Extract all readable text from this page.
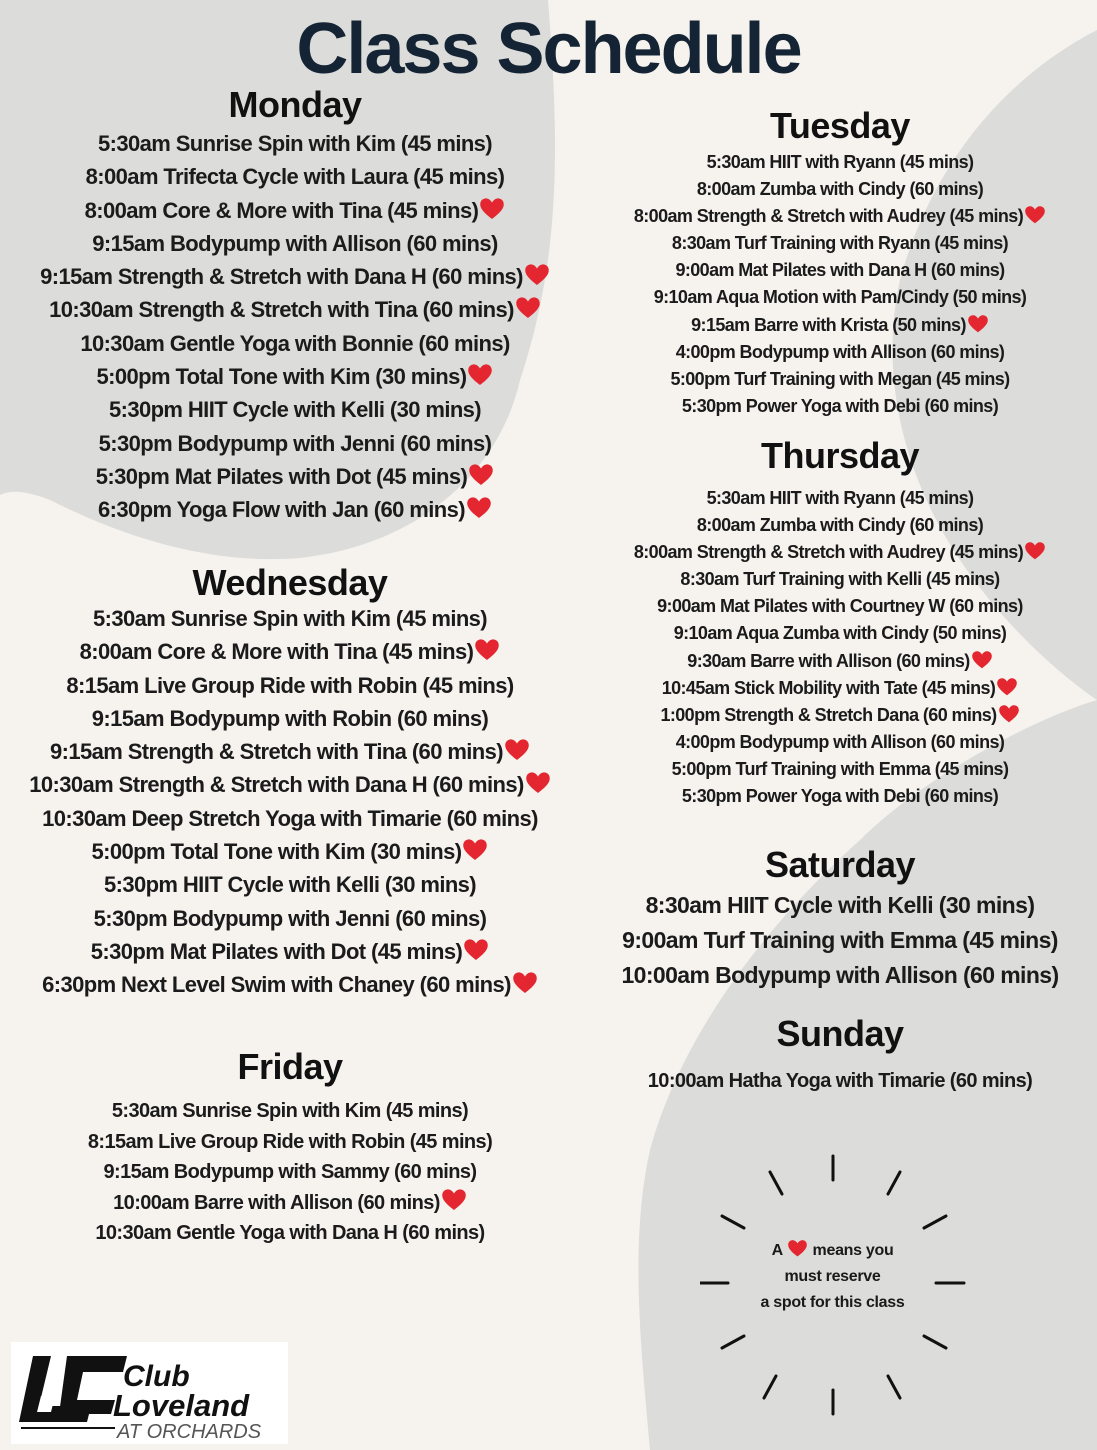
Class Schedule
Monday

5:30am Sunrise Spin with Kim (45 mins)

8:00am Trifecta Cycle with Laura (45 mins)

8:00am Core & More with Tina (45 mins)

9:15am Bodypump with Allison (60 mins)

9:15am Strength & Stretch with Dana H (60 mins)

10:30am Strength & Stretch with Tina (60 mins)

10:30am Gentle Yoga with Bonnie (60 mins)

5:00pm Total Tone with Kim (30 mins)

5:30pm HIIT Cycle with Kelli (30 mins)

5:30pm Bodypump with Jenni (60 mins)

5:30pm Mat Pilates with Dot (45 mins)

6:30pm Yoga Flow with Jan (60 mins)

Tuesday

5:30am HIIT with Ryann (45 mins)

8:00am Zumba with Cindy (60 mins)

8:00am Strength & Stretch with Audrey (45 mins)

8:30am Turf Training with Ryann (45 mins)

9:00am Mat Pilates with Dana H (60 mins)

9:10am Aqua Motion with Pam/Cindy (50 mins)

9:15am Barre with Krista (50 mins)

4:00pm Bodypump with Allison (60 mins)

5:00pm Turf Training with Megan (45 mins)

5:30pm Power Yoga with Debi (60 mins)

Wednesday

5:30am Sunrise Spin with Kim (45 mins)

8:00am Core & More with Tina (45 mins)

8:15am Live Group Ride with Robin (45 mins)

9:15am Bodypump with Robin (60 mins)

9:15am Strength & Stretch with Tina (60 mins)

10:30am Strength & Stretch with Dana H (60 mins)

10:30am Deep Stretch Yoga with Timarie (60 mins)

5:00pm Total Tone with Kim (30 mins)

5:30pm HIIT Cycle with Kelli (30 mins)

5:30pm Bodypump with Jenni (60 mins)

5:30pm Mat Pilates with Dot (45 mins)

6:30pm Next Level Swim with Chaney (60 mins)

Thursday

5:30am HIIT with Ryann (45 mins)

8:00am Zumba with Cindy (60 mins)

8:00am Strength & Stretch with Audrey (45 mins)

8:30am Turf Training with Kelli (45 mins)

9:00am Mat Pilates with Courtney W (60 mins)

9:10am Aqua Zumba with Cindy (50 mins)

9:30am Barre with Allison (60 mins)

10:45am Stick Mobility with Tate (45 mins)

1:00pm Strength & Stretch Dana (60 mins)

4:00pm Bodypump with Allison (60 mins)

5:00pm Turf Training with Emma (45 mins)

5:30pm Power Yoga with Debi (60 mins)

Friday

5:30am Sunrise Spin with Kim (45 mins)

8:15am Live Group Ride with Robin (45 mins)

9:15am Bodypump with Sammy (60 mins)

10:00am Barre with Allison (60 mins)

10:30am Gentle Yoga with Dana H (60 mins)

Saturday

8:30am HIIT Cycle with Kelli (30 mins)

9:00am Turf Training with Emma (45 mins)

10:00am Bodypump with Allison (60 mins)

Sunday

10:00am Hatha Yoga with Timarie (60 mins)

A means you
must reserve
a spot for this class
Club
Loveland
AT ORCHARDS
